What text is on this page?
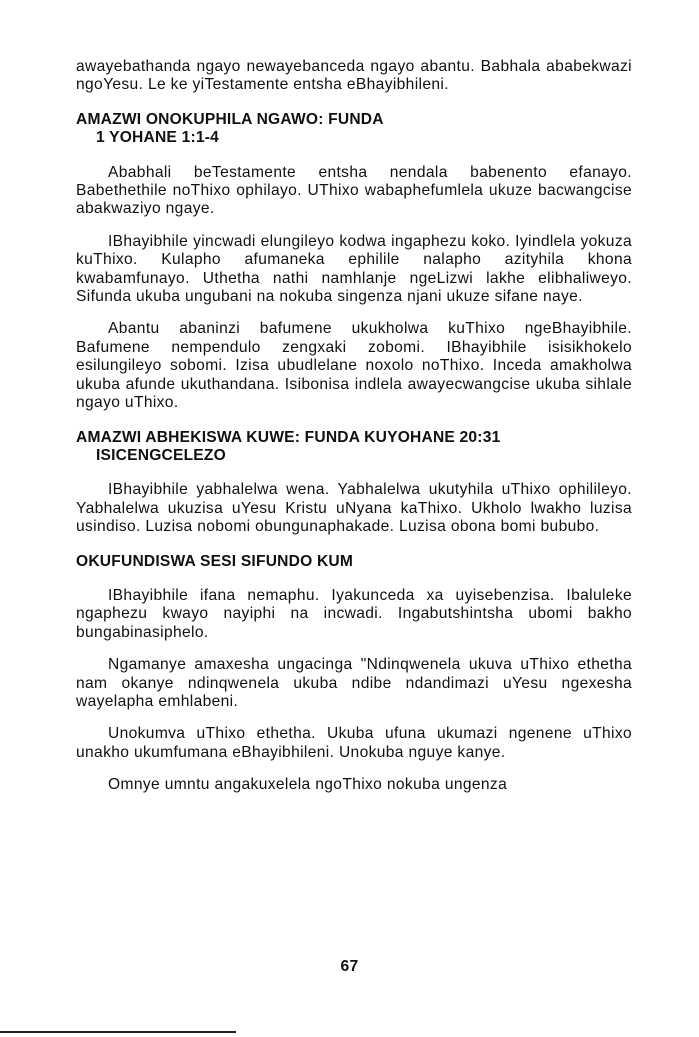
awayebathanda ngayo newayebanceda ngayo abantu. Babhala ababekwazi ngoYesu. Le ke yiTestamente entsha eBhayibhileni.

AMAZWI ONOKUPHILA NGAWO: FUNDA
1 YOHANE 1:1-4

Ababhali beTestamente entsha nendala babenento efanayo. Babethethile noThixo ophilayo. UThixo wabaphefumlela ukuze bacwangcise abakwaziyo ngaye.

IBhayibhile yincwadi elungileyo kodwa ingaphezu koko. Iyindlela yokuza kuThixo. Kulapho afumaneka ephilile nalapho azityhila khona kwabamfunayo. Uthetha nathi namhlanje ngeLizwi lakhe elibhaliweyo. Sifunda ukuba ungubani na nokuba singenza njani ukuze sifane naye.

Abantu abaninzi bafumene ukukholwa kuThixo ngeBhayibhile. Bafumene nempendulo zengxaki zobomi. IBhayibhile isisikhokelo esilungileyo sobomi. Izisa ubudlelane noxolo noThixo. Inceda amakholwa ukuba afunde ukuthandana. Isibonisa indlela awayecwangcise ukuba sihlale ngayo uThixo.

AMAZWI ABHEKISWA KUWE: FUNDA KUYOHANE 20:31
ISICENGCELEZO

IBhayibhile yabhalelwa wena. Yabhalelwa ukutyhila uThixo ophilileyo. Yabhalelwa ukuzisa uYesu Kristu uNyana kaThixo. Ukholo lwakho luzisa usindiso. Luzisa nobomi obungunaphakade. Luzisa obona bomi bububo.

OKUFUNDISWA SESI SIFUNDO KUM

IBhayibhile ifana nemaphu. Iyakunceda xa uyisebenzisa. Ibaluleke ngaphezu kwayo nayiphi na incwadi. Ingabutshintsha ubomi bakho bungabinasiphelo.

Ngamanye amaxesha ungacinga "Ndinqwenela ukuva uThixo ethetha nam okanye ndinqwenela ukuba ndibe ndandimazi uYesu ngexesha wayelapha emhlabeni.

Unokumva uThixo ethetha. Ukuba ufuna ukumazi ngenene uThixo unakho ukumfumana eBhayibhileni. Unokuba nguye kanye.

Omnye umntu angakuxelela ngoThixo nokuba ungenza

67
